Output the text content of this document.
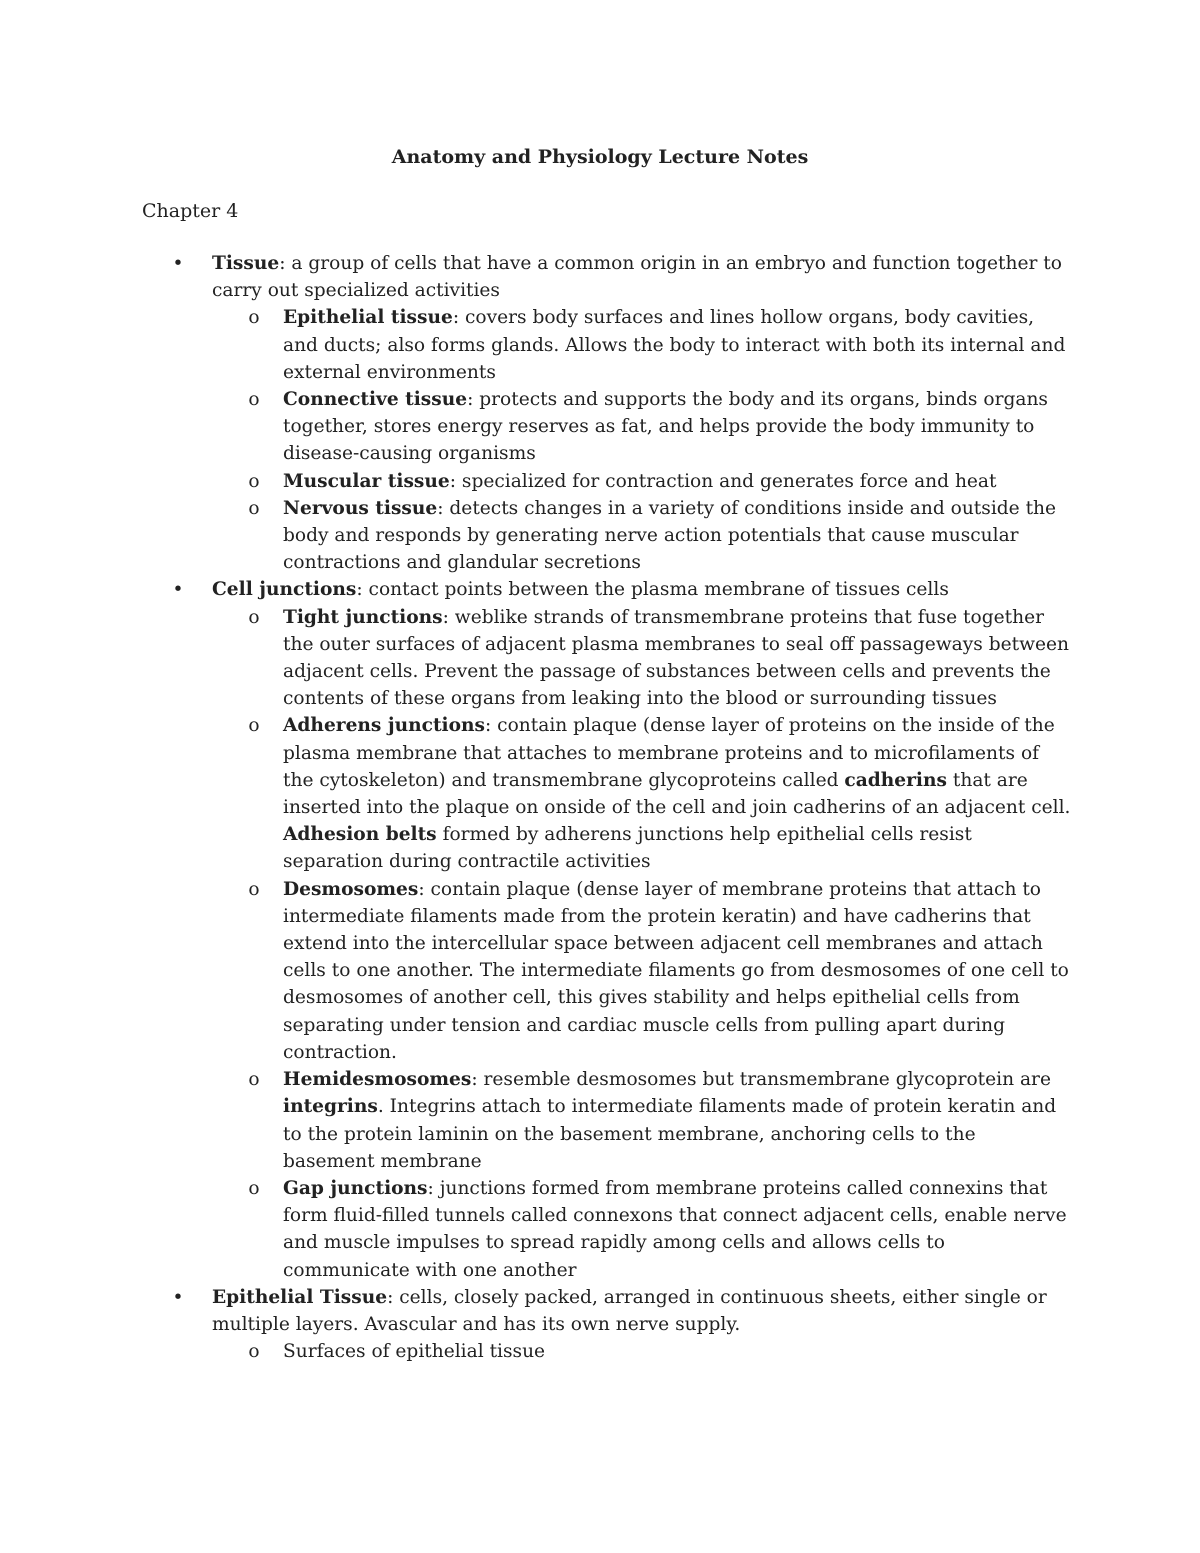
Anatomy and Physiology Lecture Notes
Chapter 4
• Tissue: a group of cells that have a common origin in an embryo and function together to carry out specialized activities
o Epithelial tissue: covers body surfaces and lines hollow organs, body cavities, and ducts; also forms glands. Allows the body to interact with both its internal and external environments
o Connective tissue: protects and supports the body and its organs, binds organs together, stores energy reserves as fat, and helps provide the body immunity to disease-causing organisms
o Muscular tissue: specialized for contraction and generates force and heat
o Nervous tissue: detects changes in a variety of conditions inside and outside the body and responds by generating nerve action potentials that cause muscular contractions and glandular secretions
• Cell junctions: contact points between the plasma membrane of tissues cells
o Tight junctions: weblike strands of transmembrane proteins that fuse together the outer surfaces of adjacent plasma membranes to seal off passageways between adjacent cells. Prevent the passage of substances between cells and prevents the contents of these organs from leaking into the blood or surrounding tissues
o Adherens junctions: contain plaque (dense layer of proteins on the inside of the plasma membrane that attaches to membrane proteins and to microfilaments of the cytoskeleton) and transmembrane glycoproteins called cadherins that are inserted into the plaque on onside of the cell and join cadherins of an adjacent cell. Adhesion belts formed by adherens junctions help epithelial cells resist separation during contractile activities
o Desmosomes: contain plaque (dense layer of membrane proteins that attach to intermediate filaments made from the protein keratin) and have cadherins that extend into the intercellular space between adjacent cell membranes and attach cells to one another. The intermediate filaments go from desmosomes of one cell to desmosomes of another cell, this gives stability and helps epithelial cells from separating under tension and cardiac muscle cells from pulling apart during contraction.
o Hemidesmosomes: resemble desmosomes but transmembrane glycoprotein are integrins. Integrins attach to intermediate filaments made of protein keratin and to the protein laminin on the basement membrane, anchoring cells to the basement membrane
o Gap junctions: junctions formed from membrane proteins called connexins that form fluid-filled tunnels called connexons that connect adjacent cells, enable nerve and muscle impulses to spread rapidly among cells and allows cells to communicate with one another
• Epithelial Tissue: cells, closely packed, arranged in continuous sheets, either single or multiple layers. Avascular and has its own nerve supply.
o Surfaces of epithelial tissue
